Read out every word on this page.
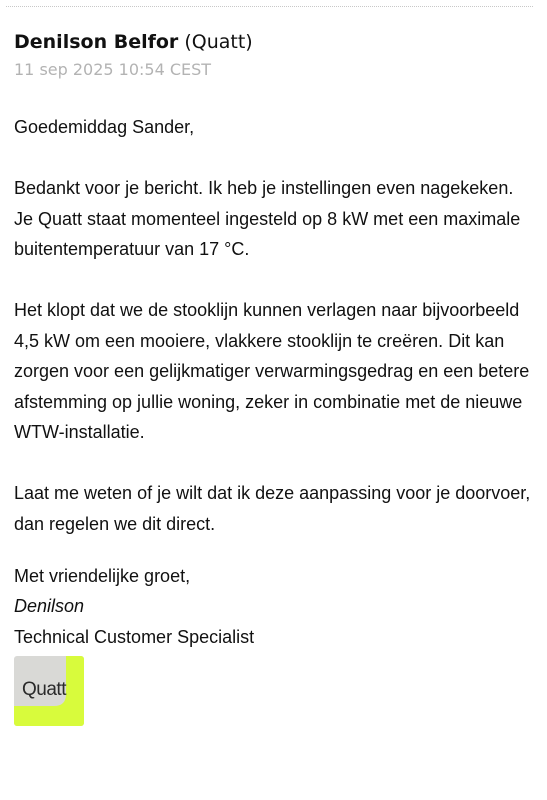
Denilson Belfor (Quatt)
11 sep 2025 10:54 CEST

Goedemiddag Sander,

Bedankt voor je bericht. Ik heb je instellingen even nagekeken. Je Quatt staat momenteel ingesteld op 8 kW met een maximale buitentemperatuur van 17 °C.

Het klopt dat we de stooklijn kunnen verlagen naar bijvoorbeeld 4,5 kW om een mooiere, vlakkere stooklijn te creëren. Dit kan zorgen voor een gelijkmatiger verwarmingsgedrag en een betere afstemming op jullie woning, zeker in combinatie met de nieuwe WTW-installatie.

Laat me weten of je wilt dat ik deze aanpassing voor je doorvoer, dan regelen we dit direct.

Met vriendelijke groet,
Denilson
Technical Customer Specialist
Quatt
